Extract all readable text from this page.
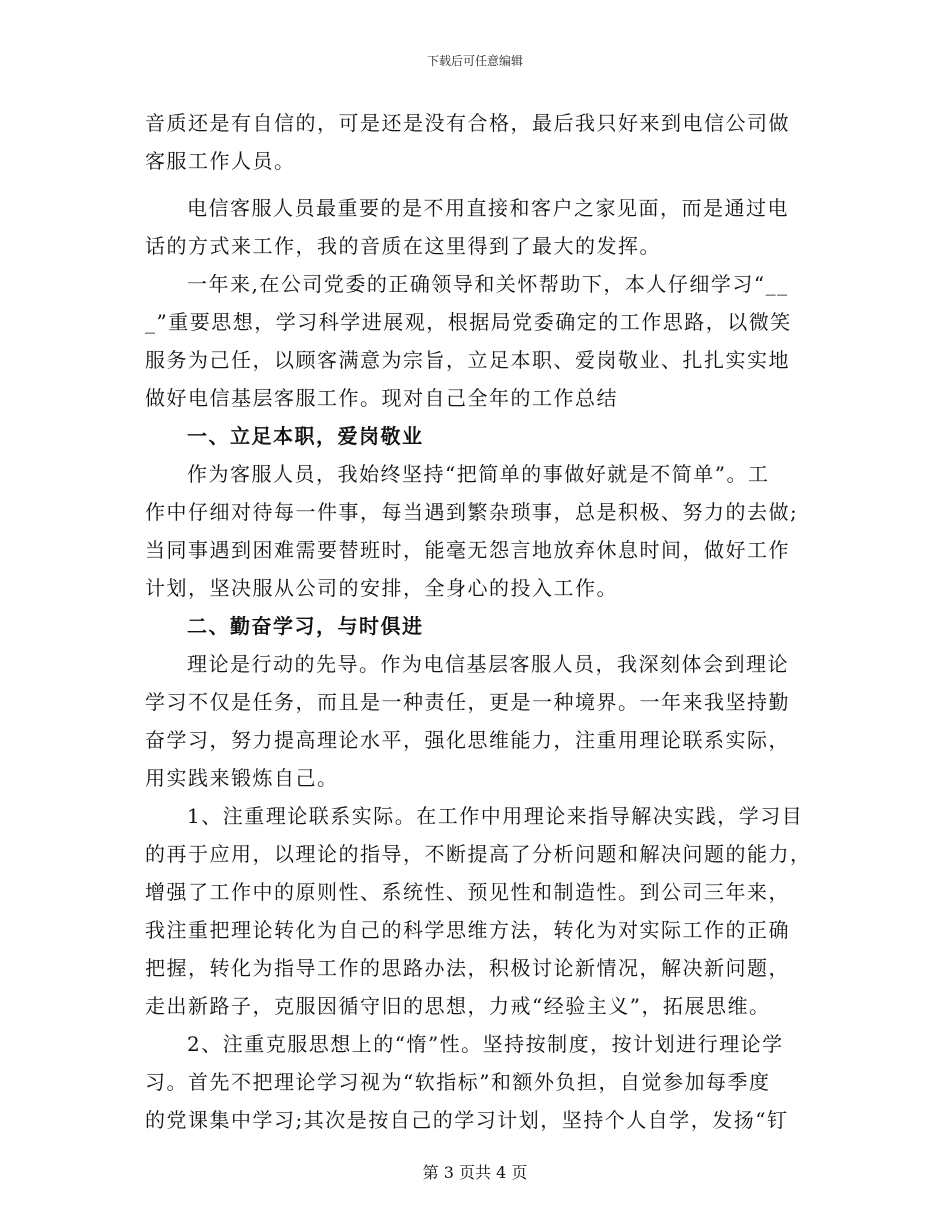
下载后可任意编辑
音质还是有自信的，可是还是没有合格，最后我只好来到电信公司做
客服工作人员。
电信客服人员最重要的是不用直接和客户之家见面，而是通过电
话的方式来工作，我的音质在这里得到了最大的发挥。
一年来,在公司党委的正确领导和关怀帮助下，本人仔细学习“__
_”重要思想，学习科学进展观，根据局党委确定的工作思路，以微笑
服务为己任，以顾客满意为宗旨，立足本职、爱岗敬业、扎扎实实地
做好电信基层客服工作。现对自己全年的工作总结
一、立足本职，爱岗敬业
作为客服人员，我始终坚持“把简单的事做好就是不简单”。工
作中仔细对待每一件事，每当遇到繁杂琐事，总是积极、努力的去做;
当同事遇到困难需要替班时，能毫无怨言地放弃休息时间，做好工作
计划，坚决服从公司的安排，全身心的投入工作。
二、勤奋学习，与时俱进
理论是行动的先导。作为电信基层客服人员，我深刻体会到理论
学习不仅是任务，而且是一种责任，更是一种境界。一年来我坚持勤
奋学习，努力提高理论水平，强化思维能力，注重用理论联系实际，
用实践来锻炼自己。
1、注重理论联系实际。在工作中用理论来指导解决实践，学习目
的再于应用，以理论的指导，不断提高了分析问题和解决问题的能力，
增强了工作中的原则性、系统性、预见性和制造性。到公司三年来，
我注重把理论转化为自己的科学思维方法，转化为对实际工作的正确
把握，转化为指导工作的思路办法，积极讨论新情况，解决新问题，
走出新路子，克服因循守旧的思想，力戒“经验主义”，拓展思维。
2、注重克服思想上的“惰”性。坚持按制度，按计划进行理论学
习。首先不把理论学习视为“软指标”和额外负担，自觉参加每季度
的党课集中学习;其次是按自己的学习计划，坚持个人自学，发扬“钉
第 3 页共 4 页
